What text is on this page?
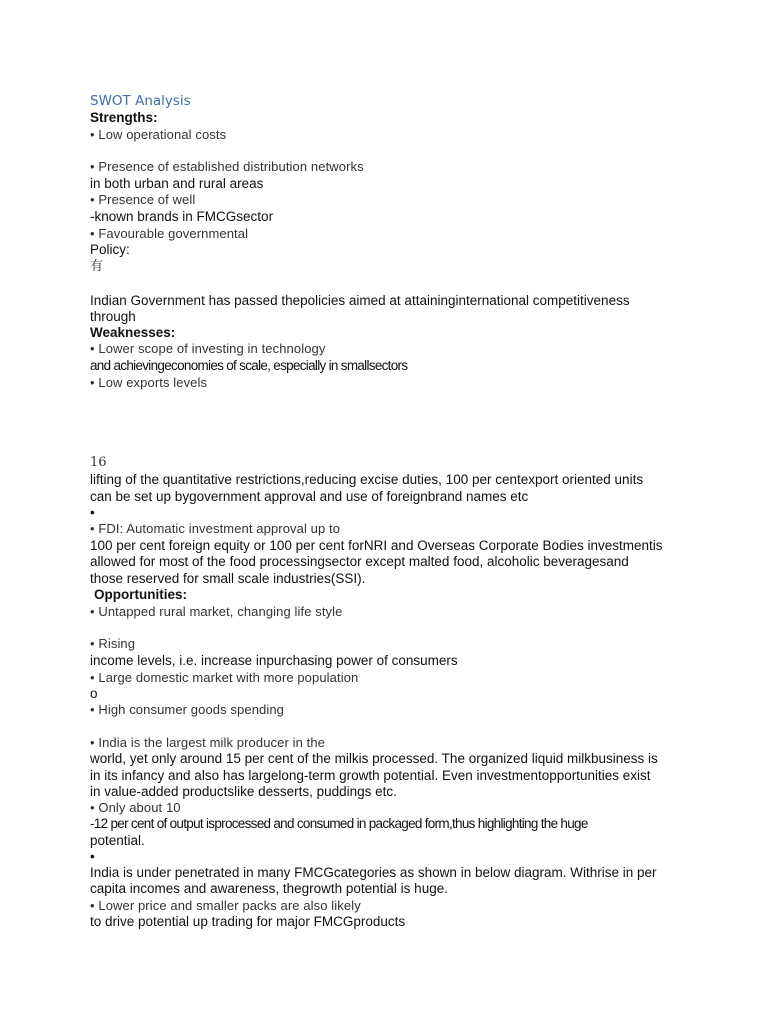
SWOT Analysis
Strengths:
• Low operational costs
• Presence of established distribution networks
in both urban and rural areas
• Presence of well
-known brands in FMCGsector
• Favourable governmental
Policy:
有
Indian Government has passed thepolicies aimed at attaininginternational competitiveness
through
Weaknesses:
• Lower scope of investing in technology
and achievingeconomies of scale, especially in smallsectors
• Low exports levels
16
lifting of the quantitative restrictions,reducing excise duties, 100 per centexport oriented units
can be set up bygovernment approval and use of foreignbrand names etc
•
• FDI: Automatic investment approval up to
100 per cent foreign equity or 100 per cent forNRI and Overseas Corporate Bodies investmentis
allowed for most of the food processingsector except malted food, alcoholic beveragesand
those reserved for small scale industries(SSI).
Opportunities:
• Untapped rural market, changing life style
• Rising
income levels, i.e. increase inpurchasing power of consumers
• Large domestic market with more population
o
• High consumer goods spending
• India is the largest milk producer in the
world, yet only around 15 per cent of the milkis processed. The organized liquid milkbusiness is
in its infancy and also has largelong-term growth potential. Even investmentopportunities exist
in value-added productslike desserts, puddings etc.
• Only about 10
-12 per cent of output isprocessed and consumed in packaged form,thus highlighting the huge
potential.
•
India is under penetrated in many FMCGcategories as shown in below diagram. Withrise in per
capita incomes and awareness, thegrowth potential is huge.
• Lower price and smaller packs are also likely
to drive potential up trading for major FMCGproducts
